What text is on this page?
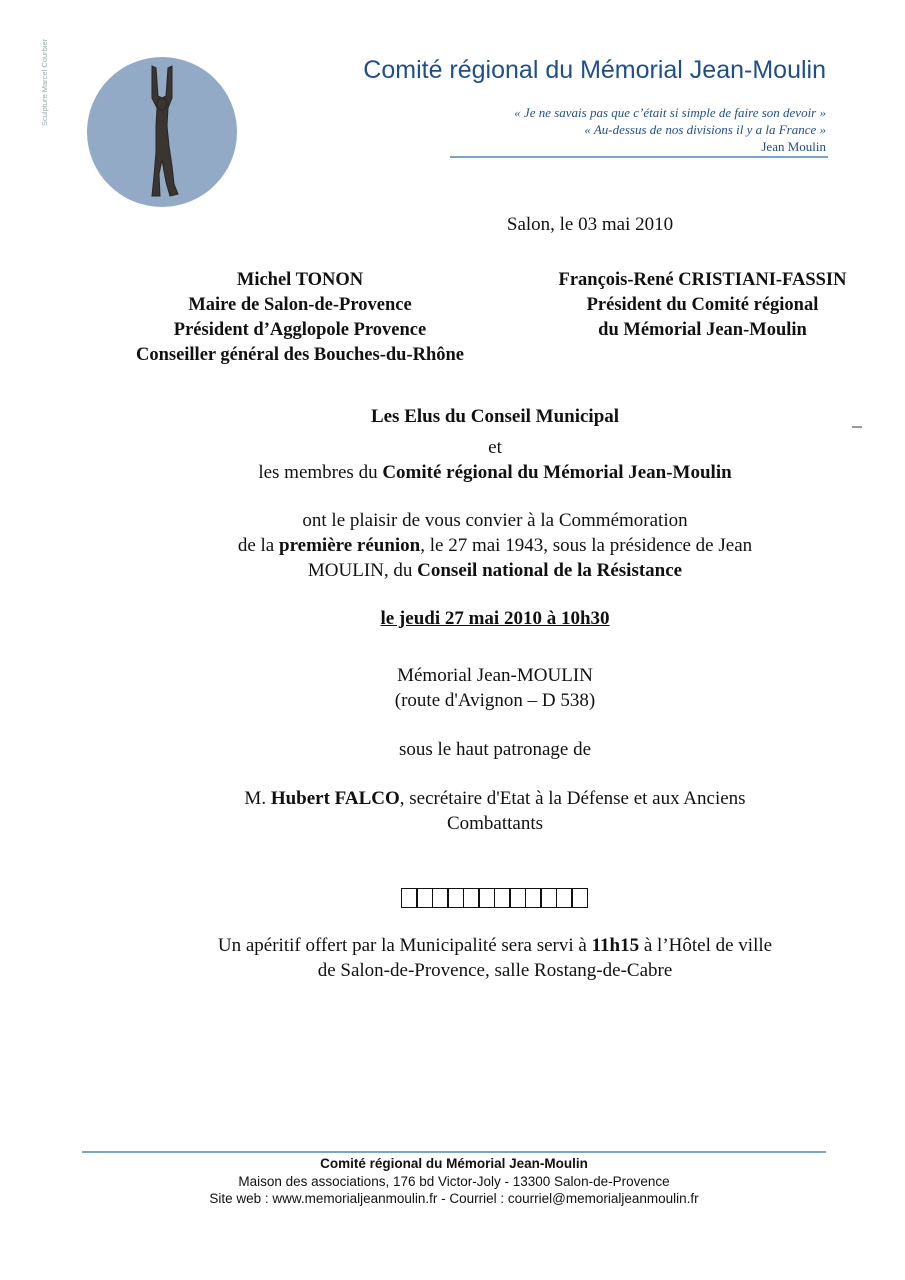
Sculpture Marcel Courbier	Comité régional du Mémorial Jean-Moulin
« Je ne savais pas que c’était si simple de faire son devoir »
« Au-dessus de nos divisions il y a la France »
Jean Moulin
Salon, le 03 mai 2010
Michel TONON
Maire de Salon-de-Provence
Président d’Agglopole Provence
Conseiller général des Bouches-du-Rhône
François-René CRISTIANI-FASSIN
Président du Comité régional
du Mémorial Jean-Moulin
Les Elus du Conseil Municipal
et
les membres du Comité régional du Mémorial Jean-Moulin
ont le plaisir de vous convier à la Commémoration
de la première réunion, le 27 mai 1943, sous la présidence de Jean
MOULIN, du Conseil national de la Résistance
le jeudi 27 mai 2010 à 10h30
Mémorial Jean-MOULIN
(route d'Avignon – D 538)
sous le haut patronage de
M. Hubert FALCO, secrétaire d'Etat à la Défense et aux Anciens
Combattants
Un apéritif offert par la Municipalité sera servi à 11h15 à l’Hôtel de ville
de Salon-de-Provence, salle Rostang-de-Cabre
Comité régional du Mémorial Jean-Moulin
Maison des associations, 176 bd Victor-Joly - 13300 Salon-de-Provence
Site web : www.memorialjeanmoulin.fr - Courriel : courriel@memorialjeanmoulin.fr
